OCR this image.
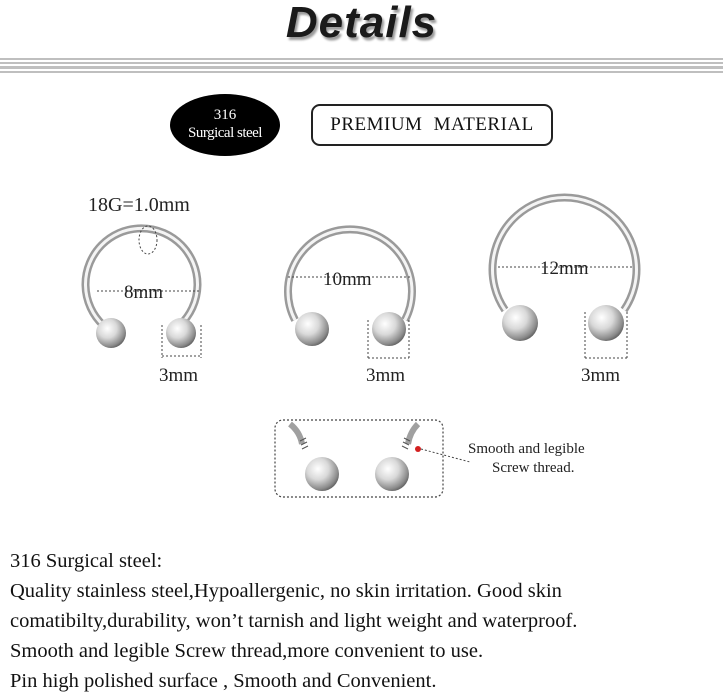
Details
316
Surgical steel	PREMIUM MATERIAL
18G=1.0mm
8mm
3mm
10mm
3mm
12mm
3mm
Smooth and legible
Screw thread.
316 Surgical steel:
Quality stainless steel,Hypoallergenic, no skin irritation. Good skin
comatibilty,durability, won’t tarnish and light weight and waterproof.
Smooth and legible Screw thread,more convenient to use.
Pin high polished surface , Smooth and Convenient.
